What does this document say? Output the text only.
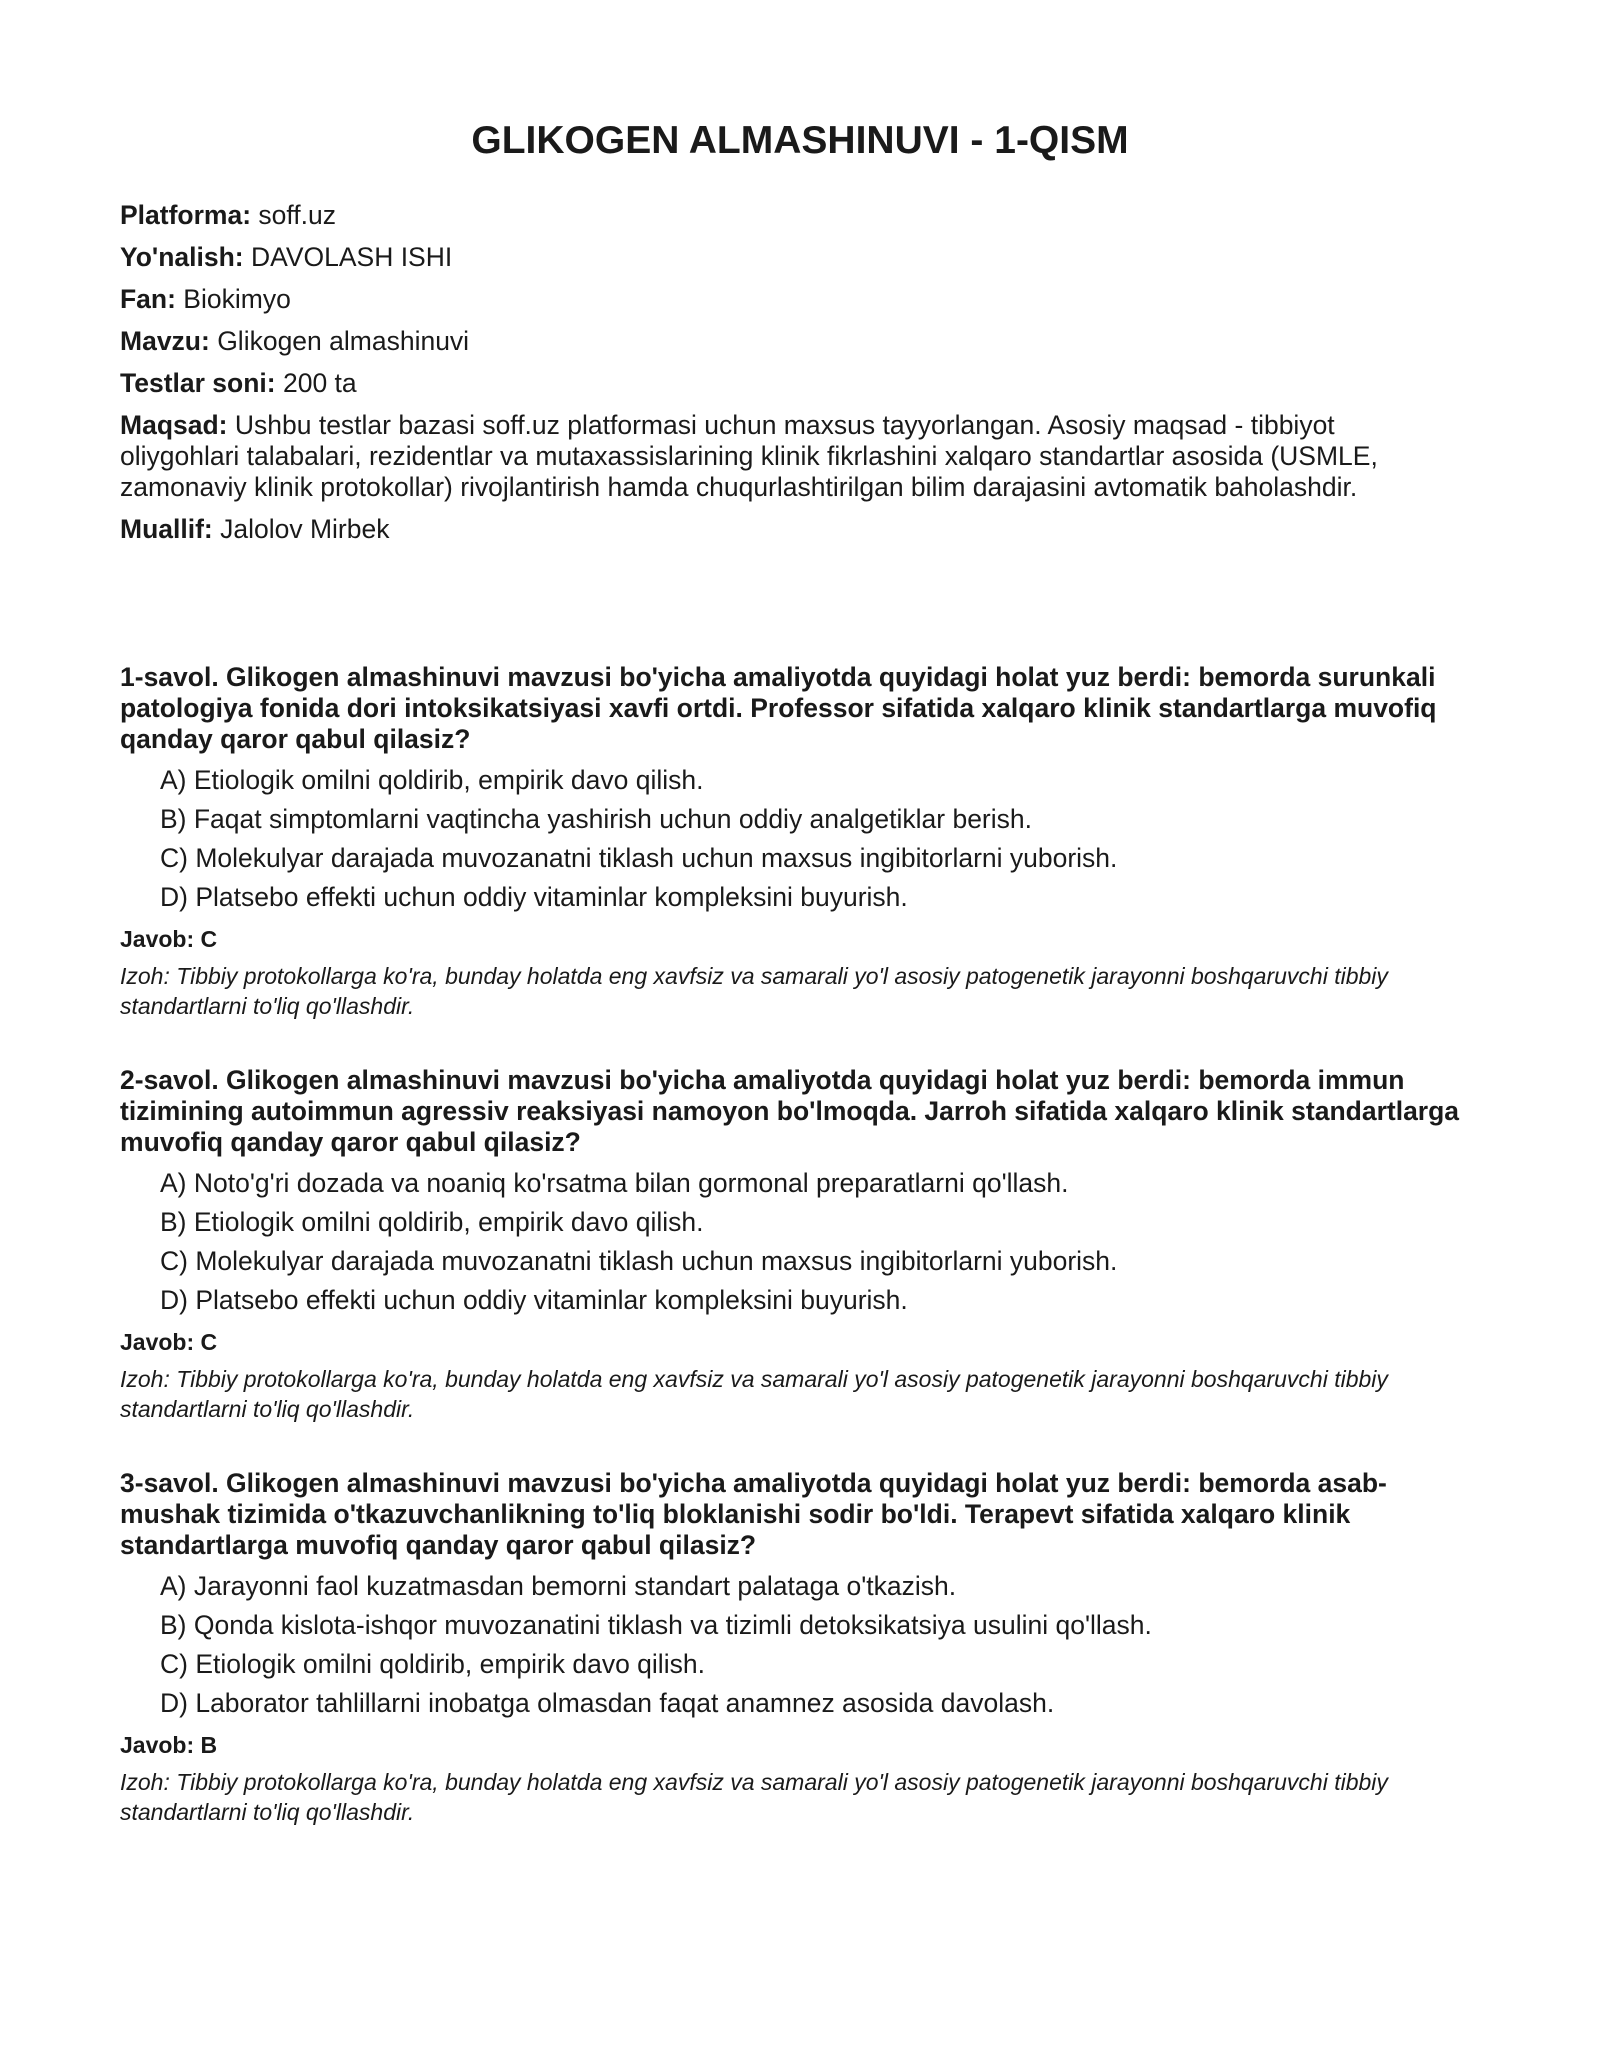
GLIKOGEN ALMASHINUVI - 1-QISM

Platforma: soff.uz

Yo'nalish: DAVOLASH ISHI

Fan: Biokimyo

Mavzu: Glikogen almashinuvi

Testlar soni: 200 ta

Maqsad: Ushbu testlar bazasi soff.uz platformasi uchun maxsus tayyorlangan. Asosiy maqsad - tibbiyot oliygohlari talabalari, rezidentlar va mutaxassislarining klinik fikrlashini xalqaro standartlar asosida (USMLE, zamonaviy klinik protokollar) rivojlantirish hamda chuqurlashtirilgan bilim darajasini avtomatik baholashdir.

Muallif: Jalolov Mirbek

1-savol. Glikogen almashinuvi mavzusi bo'yicha amaliyotda quyidagi holat yuz berdi: bemorda surunkali patologiya fonida dori intoksikatsiyasi xavfi ortdi. Professor sifatida xalqaro klinik standartlarga muvofiq qanday qaror qabul qilasiz?

A) Etiologik omilni qoldirib, empirik davo qilish.
B) Faqat simptomlarni vaqtincha yashirish uchun oddiy analgetiklar berish.
C) Molekulyar darajada muvozanatni tiklash uchun maxsus ingibitorlarni yuborish.
D) Platsebo effekti uchun oddiy vitaminlar kompleksini buyurish.

Javob: C

Izoh: Tibbiy protokollarga ko'ra, bunday holatda eng xavfsiz va samarali yo'l asosiy patogenetik jarayonni boshqaruvchi tibbiy standartlarni to'liq qo'llashdir.

2-savol. Glikogen almashinuvi mavzusi bo'yicha amaliyotda quyidagi holat yuz berdi: bemorda immun tizimining autoimmun agressiv reaksiyasi namoyon bo'lmoqda. Jarroh sifatida xalqaro klinik standartlarga muvofiq qanday qaror qabul qilasiz?

A) Noto'g'ri dozada va noaniq ko'rsatma bilan gormonal preparatlarni qo'llash.
B) Etiologik omilni qoldirib, empirik davo qilish.
C) Molekulyar darajada muvozanatni tiklash uchun maxsus ingibitorlarni yuborish.
D) Platsebo effekti uchun oddiy vitaminlar kompleksini buyurish.

Javob: C

Izoh: Tibbiy protokollarga ko'ra, bunday holatda eng xavfsiz va samarali yo'l asosiy patogenetik jarayonni boshqaruvchi tibbiy standartlarni to'liq qo'llashdir.

3-savol. Glikogen almashinuvi mavzusi bo'yicha amaliyotda quyidagi holat yuz berdi: bemorda asab-mushak tizimida o'tkazuvchanlikning to'liq bloklanishi sodir bo'ldi. Terapevt sifatida xalqaro klinik standartlarga muvofiq qanday qaror qabul qilasiz?

A) Jarayonni faol kuzatmasdan bemorni standart palataga o'tkazish.
B) Qonda kislota-ishqor muvozanatini tiklash va tizimli detoksikatsiya usulini qo'llash.
C) Etiologik omilni qoldirib, empirik davo qilish.
D) Laborator tahlillarni inobatga olmasdan faqat anamnez asosida davolash.

Javob: B

Izoh: Tibbiy protokollarga ko'ra, bunday holatda eng xavfsiz va samarali yo'l asosiy patogenetik jarayonni boshqaruvchi tibbiy standartlarni to'liq qo'llashdir.
